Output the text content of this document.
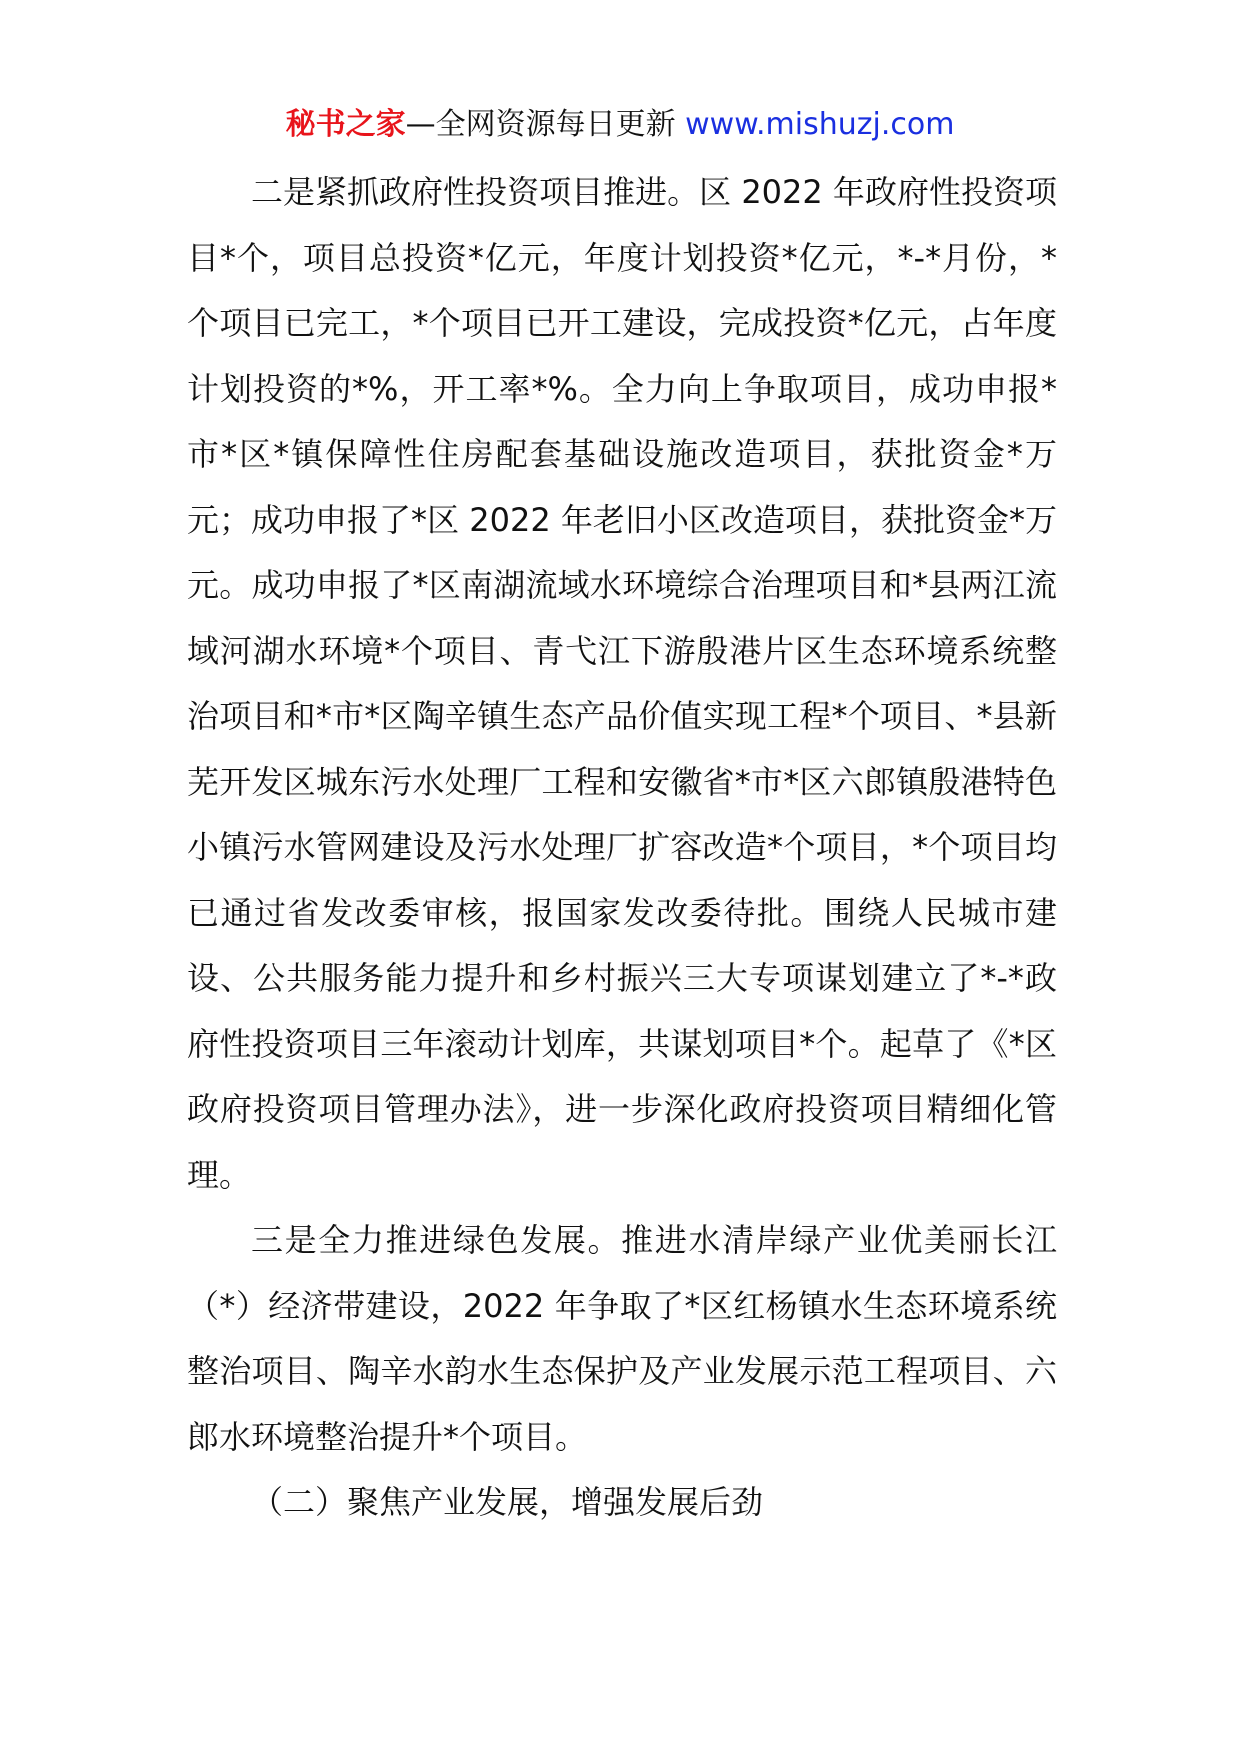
秘书之家—全网资源每日更新 www.mishuzj.com

二是紧抓政府性投资项目推进。区 2022 年政府性投资项目*个，项目总投资*亿元，年度计划投资*亿元，*-*月份，*个项目已完工，*个项目已开工建设，完成投资*亿元，占年度计划投资的*%，开工率*%。全力向上争取项目，成功申报*市*区*镇保障性住房配套基础设施改造项目，获批资金*万元；成功申报了*区 2022 年老旧小区改造项目，获批资金*万元。成功申报了*区南湖流域水环境综合治理项目和*县两江流域河湖水环境*个项目、青弋江下游殷港片区生态环境系统整治项目和*市*区陶辛镇生态产品价值实现工程*个项目、*县新芜开发区城东污水处理厂工程和安徽省*市*区六郎镇殷港特色小镇污水管网建设及污水处理厂扩容改造*个项目，*个项目均已通过省发改委审核，报国家发改委待批。围绕人民城市建设、公共服务能力提升和乡村振兴三大专项谋划建立了*-*政府性投资项目三年滚动计划库，共谋划项目*个。起草了《*区政府投资项目管理办法》，进一步深化政府投资项目精细化管理。

三是全力推进绿色发展。推进水清岸绿产业优美丽长江（*）经济带建设，2022 年争取了*区红杨镇水生态环境系统整治项目、陶辛水韵水生态保护及产业发展示范工程项目、六郎水环境整治提升*个项目。

（二）聚焦产业发展，增强发展后劲
